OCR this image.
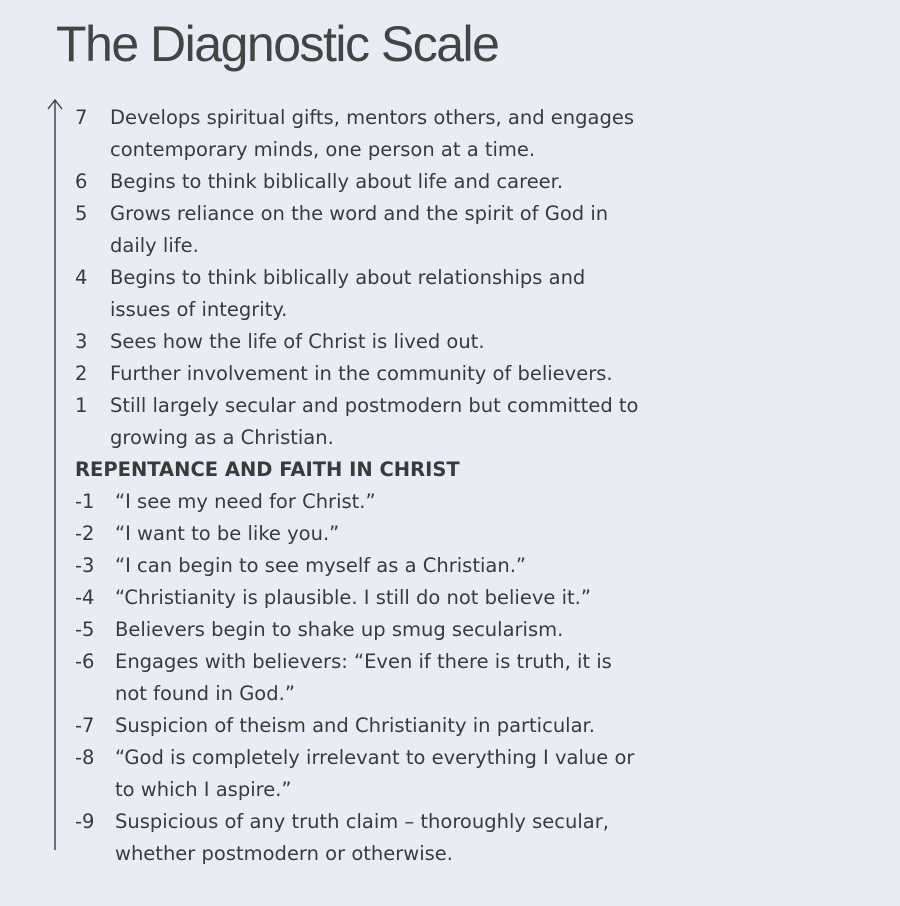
The Diagnostic Scale
7	Develops spiritual gifts, mentors others, and engages
contemporary minds, one person at a time.
6	Begins to think biblically about life and career.
5	Grows reliance on the word and the spirit of God in
daily life.
4	Begins to think biblically about relationships and
issues of integrity.
3	Sees how the life of Christ is lived out.
2	Further involvement in the community of believers.
1	Still largely secular and postmodern but committed to
growing as a Christian.
REPENTANCE AND FAITH IN CHRIST
-1	“I see my need for Christ.”
-2	“I want to be like you.”
-3	“I can begin to see myself as a Christian.”
-4	“Christianity is plausible. I still do not believe it.”
-5	Believers begin to shake up smug secularism.
-6	Engages with believers: “Even if there is truth, it is
not found in God.”
-7	Suspicion of theism and Christianity in particular.
-8	“God is completely irrelevant to everything I value or
to which I aspire.”
-9	Suspicious of any truth claim – thoroughly secular,
whether postmodern or otherwise.
